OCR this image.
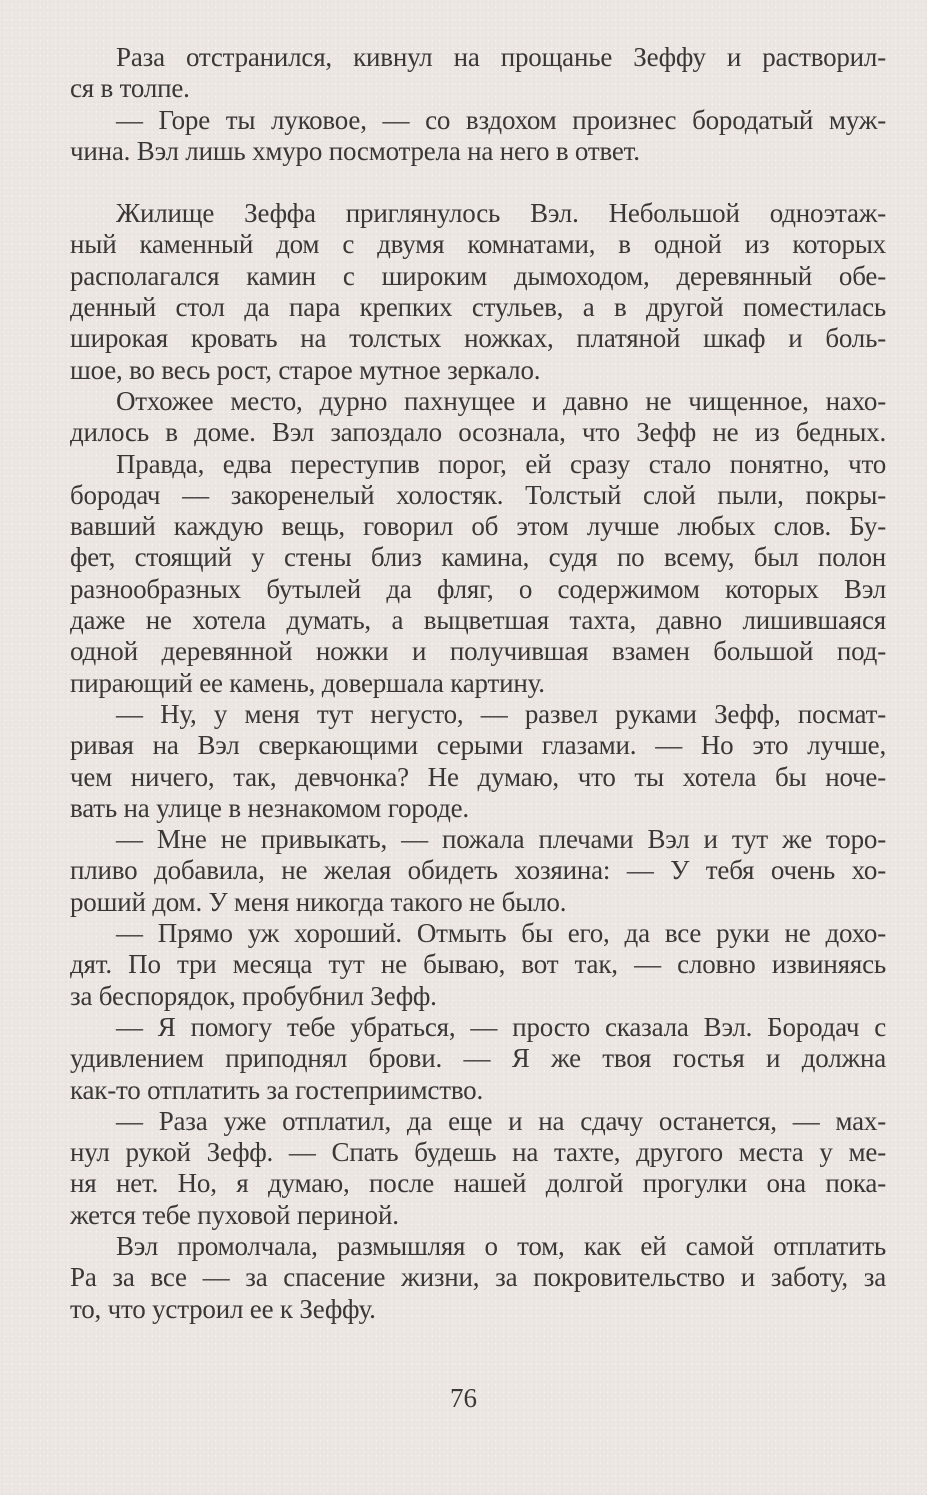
Раза отстранился, кивнул на прощанье Зеффу и растворил-
ся в толпе.
— Горе ты луковое, — со вздохом произнес бородатый муж-
чина. Вэл лишь хмуро посмотрела на него в ответ.
Жилище Зеффа приглянулось Вэл. Небольшой одноэтаж-
ный каменный дом с двумя комнатами, в одной из которых
располагался камин с широким дымоходом, деревянный обе-
денный стол да пара крепких стульев, а в другой поместилась
широкая кровать на толстых ножках, платяной шкаф и боль-
шое, во весь рост, старое мутное зеркало.
Отхожее место, дурно пахнущее и давно не чищенное, нахо-
дилось в доме. Вэл запоздало осознала, что Зефф не из бедных.
Правда, едва переступив порог, ей сразу стало понятно, что
бородач — закоренелый холостяк. Толстый слой пыли, покры-
вавший каждую вещь, говорил об этом лучше любых слов. Бу-
фет, стоящий у стены близ камина, судя по всему, был полон
разнообразных бутылей да фляг, о содержимом которых Вэл
даже не хотела думать, а выцветшая тахта, давно лишившаяся
одной деревянной ножки и получившая взамен большой под-
пирающий ее камень, довершала картину.
— Ну, у меня тут негусто, — развел руками Зефф, посмат-
ривая на Вэл сверкающими серыми глазами. — Но это лучше,
чем ничего, так, девчонка? Не думаю, что ты хотела бы ноче-
вать на улице в незнакомом городе.
— Мне не привыкать, — пожала плечами Вэл и тут же торо-
пливо добавила, не желая обидеть хозяина: — У тебя очень хо-
роший дом. У меня никогда такого не было.
— Прямо уж хороший. Отмыть бы его, да все руки не дохо-
дят. По три месяца тут не бываю, вот так, — словно извиняясь
за беспорядок, пробубнил Зефф.
— Я помогу тебе убраться, — просто сказала Вэл. Бородач с
удивлением приподнял брови. — Я же твоя гостья и должна
как-то отплатить за гостеприимство.
— Раза уже отплатил, да еще и на сдачу останется, — мах-
нул рукой Зефф. — Спать будешь на тахте, другого места у ме-
ня нет. Но, я думаю, после нашей долгой прогулки она пока-
жется тебе пуховой периной.
Вэл промолчала, размышляя о том, как ей самой отплатить
Ра за все — за спасение жизни, за покровительство и заботу, за
то, что устроил ее к Зеффу.
76
